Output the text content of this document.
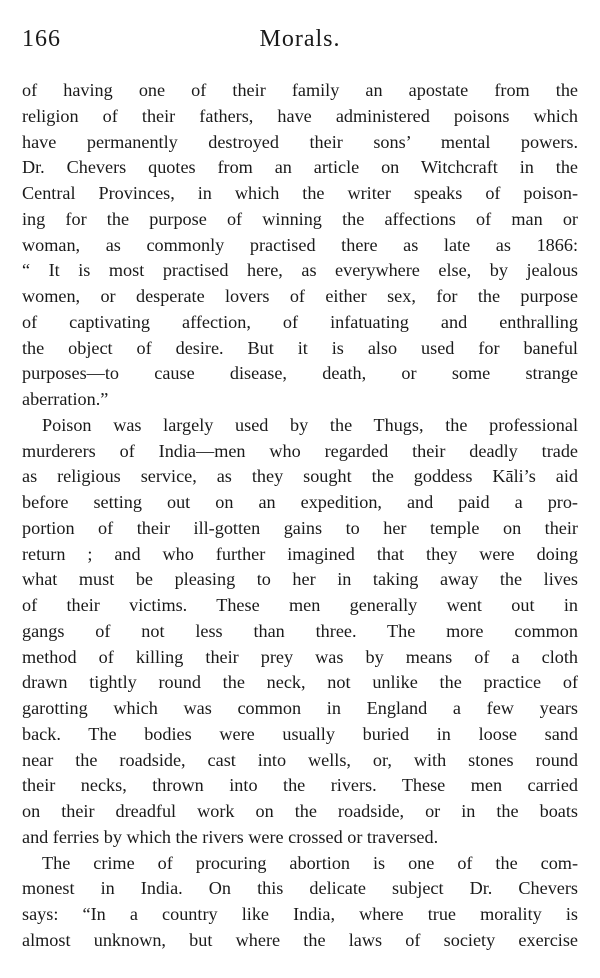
166	Morals.
of having one of their family an apostate from the
religion of their fathers, have administered poisons which
have permanently destroyed their sons’ mental powers.
Dr. Chevers quotes from an article on Witchcraft in the
Central Provinces, in which the writer speaks of poison-
ing for the purpose of winning the affections of man or
woman, as commonly practised there as late as 1866:
“ It is most practised here, as everywhere else, by jealous
women, or desperate lovers of either sex, for the purpose
of captivating affection, of infatuating and enthralling
the object of desire. But it is also used for baneful
purposes—to cause disease, death, or some strange
aberration.”
Poison was largely used by the Thugs, the professional
murderers of India—men who regarded their deadly trade
as religious service, as they sought the goddess Kāli’s aid
before setting out on an expedition, and paid a pro-
portion of their ill-gotten gains to her temple on their
return ; and who further imagined that they were doing
what must be pleasing to her in taking away the lives
of their victims. These men generally went out in
gangs of not less than three. The more common
method of killing their prey was by means of a cloth
drawn tightly round the neck, not unlike the practice of
garotting which was common in England a few years
back. The bodies were usually buried in loose sand
near the roadside, cast into wells, or, with stones round
their necks, thrown into the rivers. These men carried
on their dreadful work on the roadside, or in the boats
and ferries by which the rivers were crossed or traversed.
The crime of procuring abortion is one of the com-
monest in India. On this delicate subject Dr. Chevers
says: “In a country like India, where true morality is
almost unknown, but where the laws of society exercise
